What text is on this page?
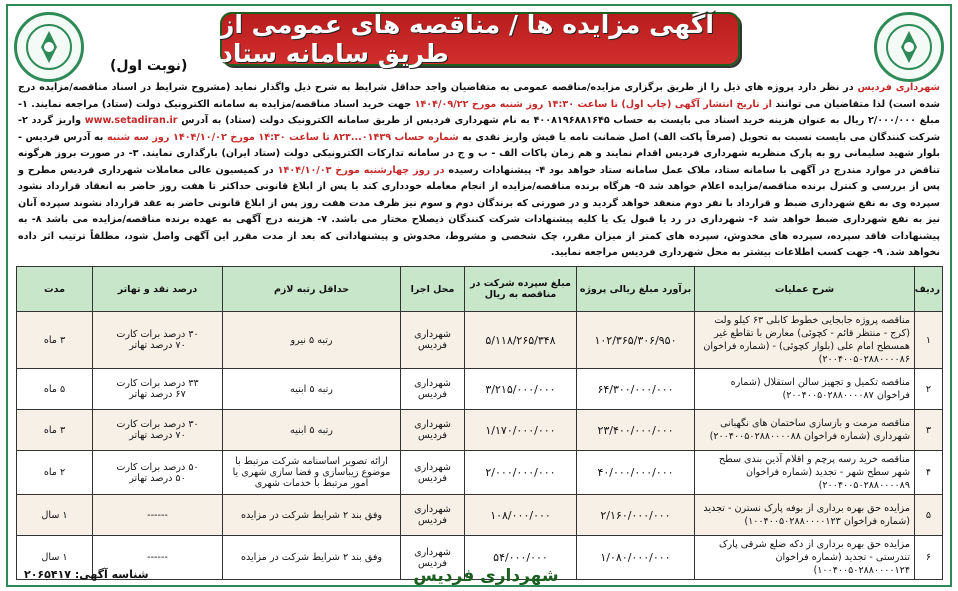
آگهی مزایده ها / مناقصه های عمومی از طریق سامانه ستاد
(نوبت اول)
شهرداری فردیس در نظر دارد پروژه های ذیل را از طریق برگزاری مزایده/مناقصه عمومی به متقاضیان واجد حداقل شرایط به شرح ذیل واگذار نماید (مشروح شرایط در اسناد مناقصه/مزایده درج شده است) لذا متقاضیان می توانند از تاریخ انتشار آگهی (چاپ اول) تا ساعت ۱۴:۳۰ روز شنبه مورخ ۱۴۰۴/۰۹/۲۲ جهت خرید اسناد مناقصه/مزایده به سامانه الکترونیک دولت (ستاد) مراجعه نمایند. ۱- مبلغ ۲/۰۰۰/۰۰۰ ریال به عنوان هزینه خرید اسناد می بایست به حساب ۴۰۰۸۱۹۶۸۸۱۶۴۵ به نام شهرداری فردیس از طریق سامانه الکترونیک دولت (ستاد) به آدرس www.setadiran.ir واریز گردد ۲- شرکت کنندگان می بایست نسبت به تحویل (صرفاً پاکت الف) اصل ضمانت نامه یا فیش واریز نقدی به شماره حساب ۰۱۴۳۹...۸۲۳ تا ساعت ۱۴:۳۰ مورخ ۱۴۰۴/۱۰/۰۲ روز سه شنبه به آدرس فردیس - بلوار شهید سلیمانی رو به پارک منظریه شهرداری فردیس اقدام نمایند و هم زمان پاکات الف - ب و ج در سامانه تدارکات الکترونیکی دولت (ستاد ایران) بارگذاری نمایند. ۳- در صورت بروز هرگونه تناقض در موارد مندرج در آگهی با سامانه ستاد، ملاک عمل سامانه ستاد خواهد بود ۴- پیشنهادات رسیده در روز چهارشنبه مورخ ۱۴۰۴/۱۰/۰۳ در کمیسیون عالی معاملات شهرداری فردیس مطرح و پس از بررسی و کنترل برنده مناقصه/مزایده اعلام خواهد شد ۵- هرگاه برنده مناقصه/مزایده از انجام معامله خودداری کند یا پس از ابلاغ قانونی حداکثر تا هفت روز حاضر به انعقاد قرارداد نشود سپرده وی به نفع شهرداری ضبط و قرارداد با نفر دوم منعقد خواهد گردید و در صورتی که برندگان دوم و سوم نیز ظرف مدت هفت روز پس از ابلاغ قانونی حاضر به عقد قرارداد نشوند سپرده آنان نیز به نفع شهرداری ضبط خواهد شد ۶- شهرداری در رد یا قبول یک یا کلیه پیشنهادات شرکت کنندگان ذیصلاح مختار می باشد. ۷- هزینه درج آگهی به عهده برنده مناقصه/مزایده می باشد ۸- به پیشنهادات فاقد سپرده، سپرده های مخدوش، سپرده های کمتر از میزان مقرر، چک شخصی و مشروط، مخدوش و پیشنهاداتی که بعد از مدت مقرر این آگهی واصل شود، مطلقاً ترتیب اثر داده نخواهد شد. ۹- جهت کسب اطلاعات بیشتر به محل شهرداری فردیس مراجعه نمایید.
ردیف	شرح عملیات	برآورد مبلغ ریالی پروژه	مبلغ سپرده شرکت در مناقصه به ریال	محل اجرا	حداقل رتبه لازم	درصد نقد و تهاتر	مدت
۱	مناقصه پروژه جابجایی خطوط کابلی ۶۳ کیلو ولت (کرج - منتظر قائم - کچوئی) معارض با تقاطع غیر همسطح امام علی (بلوار کچوئی) - (شماره فراخوان ۲۰۰۴۰۰۵۰۲۸۸۰۰۰۰۸۶)	۱۰۲/۳۶۵/۳۰۶/۹۵۰	۵/۱۱۸/۲۶۵/۳۴۸	شهرداری فردیس	رتبه ۵ نیرو	۳۰ درصد برات کارت
۷۰ درصد تهاتر	۳ ماه
۲	مناقصه تکمیل و تجهیز سالن استقلال (شماره فراخوان ۲۰۰۴۰۰۵۰۲۸۸۰۰۰۰۸۷)	۶۴/۳۰۰/۰۰۰/۰۰۰	۳/۲۱۵/۰۰۰/۰۰۰	شهرداری فردیس	رتبه ۵ ابنیه	۳۳ درصد برات کارت
۶۷ درصد تهاتر	۵ ماه
۳	مناقصه مرمت و بازسازی ساختمان های نگهبانی شهرداری (شماره فراخوان ۲۰۰۴۰۰۵۰۲۸۸۰۰۰۰۸۸)	۲۳/۴۰۰/۰۰۰/۰۰۰	۱/۱۷۰/۰۰۰/۰۰۰	شهرداری فردیس	رتبه ۵ ابنیه	۳۰ درصد برات کارت
۷۰ درصد تهاتر	۳ ماه
۴	مناقصه خرید رسه پرچم و اقلام آذین بندی سطح شهر سطح شهر - تجدید (شماره فراخوان ۲۰۰۴۰۰۵۰۲۸۸۰۰۰۰۸۹)	۴۰/۰۰۰/۰۰۰/۰۰۰	۲/۰۰۰/۰۰۰/۰۰۰	شهرداری فردیس	ارائه تصویر اساسنامه شرکت مرتبط با موضوع زیباسازی و فضا سازی شهری یا امور مرتبط با خدمات شهری	۵۰ درصد برات کارت
۵۰ درصد تهاتر	۲ ماه
۵	مزایده حق بهره برداری از بوفه پارک نسترن - تجدید (شماره فراخوان ۱۰۰۴۰۰۵۰۲۸۸۰۰۰۰۱۲۳)	۲/۱۶۰/۰۰۰/۰۰۰	۱۰۸/۰۰۰/۰۰۰	شهرداری فردیس	وفق بند ۲ شرایط شرکت در مزایده	------	۱ سال
۶	مزایده حق بهره برداری از دکه ضلع شرقی پارک تندرستی - تجدید (شماره فراخوان ۱۰۰۴۰۰۵۰۲۸۸۰۰۰۰۱۲۴)	۱/۰۸۰/۰۰۰/۰۰۰	۵۴/۰۰۰/۰۰۰	شهرداری فردیس	وفق بند ۲ شرایط شرکت در مزایده	------	۱ سال
شهرداری فردیس
شناسه آگهی: ۲۰۶۵۴۱۷
